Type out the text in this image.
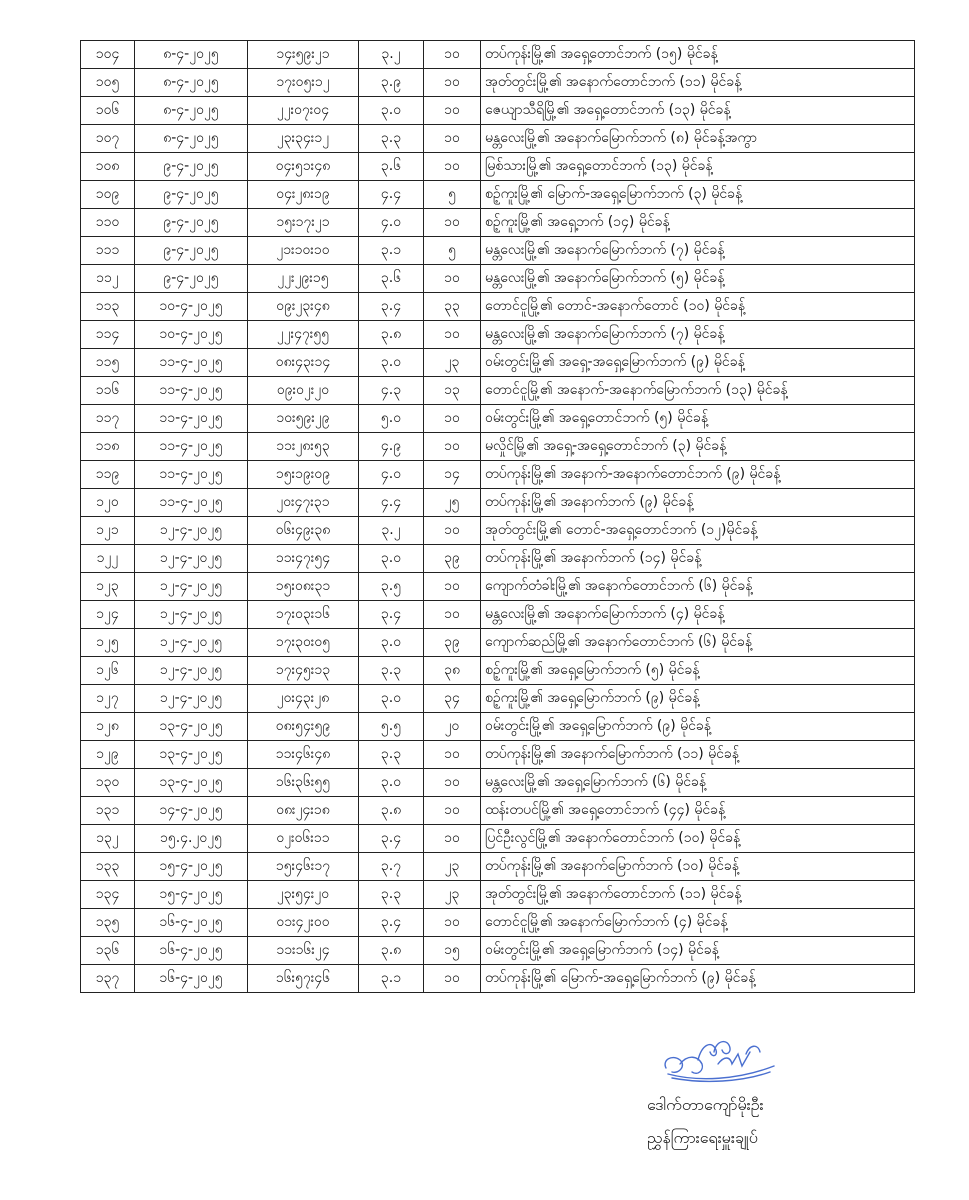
၁၀၄	၈-၄-၂၀၂၅	၁၄း၅၉း၂၁	၃.၂	၁၀	တပ်ကုန်းမြို့၏ အရှေ့တောင်ဘက် (၁၅) မိုင်ခန့်
၁၀၅	၈-၄-၂၀၂၅	၁၇း၀၅း၁၂	၃.၉	၁၀	အုတ်တွင်းမြို့၏ အနောက်တောင်ဘက် (၁၁) မိုင်ခန့်
၁၀၆	၈-၄-၂၀၂၅	၂၂း၀၇း၀၄	၃.၀	၁၀	ဇေယျာသီရိမြို့၏ အရှေ့တောင်ဘက် (၁၃) မိုင်ခန့်
၁၀၇	၈-၄-၂၀၂၅	၂၃း၃၄း၁၂	၃.၃	၁၀	မန္တလေးမြို့၏ အနောက်မြောက်ဘက် (၈) မိုင်ခန့်အကွာ
၁၀၈	၉-၄-၂၀၂၅	၀၄း၅၁း၄၈	၃.၆	၁၀	မြစ်သားမြို့၏ အရှေ့တောင်ဘက် (၁၃) မိုင်ခန့်
၁၀၉	၉-၄-၂၀၂၅	၀၄း၂၈း၁၉	၄.၄	၅	စဉ့်ကူးမြို့၏ မြောက်-အရှေ့မြောက်ဘက် (၃) မိုင်ခန့်
၁၁၀	၉-၄-၂၀၂၅	၁၅း၁၇း၂၁	၄.၀	၁၀	စဉ့်ကူးမြို့၏ အရှေ့ဘက် (၁၄) မိုင်ခန့်
၁၁၁	၉-၄-၂၀၂၅	၂၁း၁၀း၁၀	၃.၁	၅	မန္တလေးမြို့၏ အနောက်မြောက်ဘက် (၇) မိုင်ခန့်
၁၁၂	၉-၄-၂၀၂၅	၂၂း၂၉း၁၅	၃.၆	၁၀	မန္တလေးမြို့၏ အနောက်မြောက်ဘက် (၅) မိုင်ခန့်
၁၁၃	၁၀-၄-၂၀၂၅	၀၉း၂၃း၄၈	၃.၄	၃၃	တောင်ငူမြို့၏ တောင်-အနောက်တောင် (၁၀) မိုင်ခန့်
၁၁၄	၁၀-၄-၂၀၂၅	၂၂း၄၇း၅၅	၃.၈	၁၀	မန္တလေးမြို့၏ အနောက်မြောက်ဘက် (၇) မိုင်ခန့်
၁၁၅	၁၁-၄-၂၀၂၅	၀၈း၄၃း၁၄	၃.၀	၂၃	ဝမ်းတွင်းမြို့၏ အရှေ့-အရှေ့မြောက်ဘက် (၉) မိုင်ခန့်
၁၁၆	၁၁-၄-၂၀၂၅	၀၉း၀၂း၂၀	၄.၃	၁၃	တောင်ငူမြို့၏ အနောက်-အနောက်မြောက်ဘက် (၁၃) မိုင်ခန့်
၁၁၇	၁၁-၄-၂၀၂၅	၁၀း၅၉း၂၉	၅.၀	၁၀	ဝမ်းတွင်းမြို့၏ အရှေ့တောင်ဘက် (၅) မိုင်ခန့်
၁၁၈	၁၁-၄-၂၀၂၅	၁၁း၂၈း၅၃	၄.၉	၁၀	မလှိုင်မြို့၏ အရှေ့-အရှေ့တောင်ဘက် (၃) မိုင်ခန့်
၁၁၉	၁၁-၄-၂၀၂၅	၁၅း၁၉း၀၉	၄.၀	၁၄	တပ်ကုန်းမြို့၏ အနောက်-အနောက်တောင်ဘက် (၉) မိုင်ခန့်
၁၂၀	၁၁-၄-၂၀၂၅	၂၀း၄၇း၃၁	၄.၄	၂၅	တပ်ကုန်းမြို့၏ အနောက်ဘက် (၉) မိုင်ခန့်
၁၂၁	၁၂-၄-၂၀၂၅	၀၆း၄၉း၃၈	၃.၂	၁၀	အုတ်တွင်းမြို့၏ တောင်-အရှေ့တောင်ဘက် (၁၂)မိုင်ခန့်
၁၂၂	၁၂-၄-၂၀၂၅	၁၁း၄၇း၅၄	၃.၀	၃၉	တပ်ကုန်းမြို့၏ အနောက်ဘက် (၁၄) မိုင်ခန့်
၁၂၃	၁၂-၄-၂၀၂၅	၁၅း၀၈း၃၁	၃.၅	၁၀	ကျောက်တံခါးမြို့၏ အနောက်တောင်ဘက် (၆) မိုင်ခန့်
၁၂၄	၁၂-၄-၂၀၂၅	၁၇း၀၃း၁၆	၃.၄	၁၀	မန္တလေးမြို့၏ အနောက်မြောက်ဘက် (၄) မိုင်ခန့်
၁၂၅	၁၂-၄-၂၀၂၅	၁၇း၃၀း၀၅	၃.၀	၃၉	ကျောက်ဆည်မြို့၏ အနောက်တောင်ဘက် (၆) မိုင်ခန့်
၁၂၆	၁၂-၄-၂၀၂၅	၁၇း၄၅း၁၃	၃.၃	၃၈	စဉ့်ကူးမြို့၏ အရှေ့မြောက်ဘက် (၅) မိုင်ခန့်
၁၂၇	၁၂-၄-၂၀၂၅	၂၀း၄၃း၂၈	၃.၀	၃၄	စဉ့်ကူးမြို့၏ အရှေ့မြောက်ဘက် (၉) မိုင်ခန့်
၁၂၈	၁၃-၄-၂၀၂၅	၀၈း၅၄း၅၉	၅.၅	၂၀	ဝမ်းတွင်းမြို့၏ အရှေ့မြောက်ဘက် (၉) မိုင်ခန့်
၁၂၉	၁၃-၄-၂၀၂၅	၁၁း၄၆း၄၈	၃.၃	၁၀	တပ်ကုန်းမြို့၏ အနောက်မြောက်ဘက် (၁၁) မိုင်ခန့်
၁၃၀	၁၃-၄-၂၀၂၅	၁၆း၃၆း၅၅	၃.၀	၁၀	မန္တလေးမြို့၏ အရှေ့မြောက်ဘက် (၆) မိုင်ခန့်
၁၃၁	၁၄-၄-၂၀၂၅	၀၈း၂၄း၁၈	၃.၈	၁၀	ထန်းတပင်မြို့၏ အရှေ့တောင်ဘက် (၄၄) မိုင်ခန့်
၁၃၂	၁၅.၄.၂၀၂၅	၀၂း၀၆း၁၁	၃.၄	၁၀	ပြင်ဦးလွင်မြို့၏ အနောက်တောင်ဘက် (၁၀) မိုင်ခန့်
၁၃၃	၁၅-၄-၂၀၂၅	၁၅း၄၆း၁၇	၃.၇	၂၃	တပ်ကုန်းမြို့၏ အနောက်မြောက်ဘက် (၁၀) မိုင်ခန့်
၁၃၄	၁၅-၄-၂၀၂၅	၂၃း၅၄း၂၀	၃.၃	၂၃	အုတ်တွင်းမြို့၏ အနောက်တောင်ဘက် (၁၁) မိုင်ခန့်
၁၃၅	၁၆-၄-၂၀၂၅	၀၁း၄၂း၀၀	၃.၄	၁၀	တောင်ငူမြို့၏ အနောက်မြောက်ဘက် (၄) မိုင်ခန့်
၁၃၆	၁၆-၄-၂၀၂၅	၁၁း၁၆း၂၄	၃.၈	၁၅	ဝမ်းတွင်းမြို့၏ အရှေ့မြောက်ဘက် (၁၄) မိုင်ခန့်
၁၃၇	၁၆-၄-၂၀၂၅	၁၆း၅၇း၄၆	၃.၁	၁၀	တပ်ကုန်းမြို့၏ မြောက်-အရှေ့မြောက်ဘက် (၉) မိုင်ခန့်
ဒေါက်တာကျော်မိုးဦး
ညွှန်ကြားရေးမှူးချုပ်
